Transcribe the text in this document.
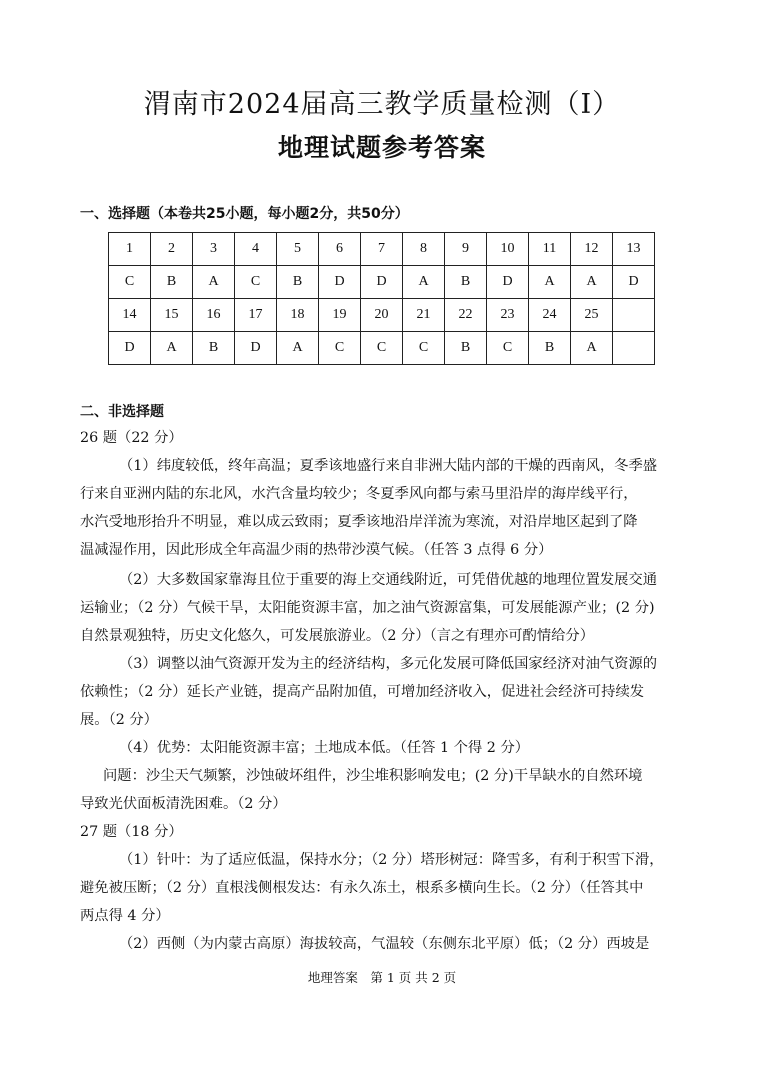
渭南市2024届高三教学质量检测（Ⅰ）
地理试题参考答案
一、选择题（本卷共25小题，每小题2分，共50分）
1	2	3	4	5	6	7	8	9	10	11	12	13
C	B	A	C	B	D	D	A	B	D	A	A	D
14	15	16	17	18	19	20	21	22	23	24	25	
D	A	B	D	A	C	C	C	B	C	B	A	
二、非选择题
26 题（22 分）
（1）纬度较低，终年高温；夏季该地盛行来自非洲大陆内部的干燥的西南风，冬季盛
行来自亚洲内陆的东北风，水汽含量均较少；冬夏季风向都与索马里沿岸的海岸线平行，
水汽受地形抬升不明显，难以成云致雨；夏季该地沿岸洋流为寒流，对沿岸地区起到了降
温减湿作用，因此形成全年高温少雨的热带沙漠气候。（任答 3 点得 6 分）
（2）大多数国家靠海且位于重要的海上交通线附近，可凭借优越的地理位置发展交通
运输业；（2 分）气候干旱，太阳能资源丰富，加之油气资源富集，可发展能源产业；(2 分)
自然景观独特，历史文化悠久，可发展旅游业。（2 分）（言之有理亦可酌情给分）
（3）调整以油气资源开发为主的经济结构，多元化发展可降低国家经济对油气资源的
依赖性；（2 分）延长产业链，提高产品附加值，可增加经济收入，促进社会经济可持续发
展。（2 分）
（4）优势：太阳能资源丰富；土地成本低。（任答 1 个得 2 分）
问题：沙尘天气频繁，沙蚀破坏组件，沙尘堆积影响发电；(2 分)干旱缺水的自然环境
导致光伏面板清洗困难。（2 分）
27 题（18 分）
（1）针叶：为了适应低温，保持水分；（2 分）塔形树冠：降雪多，有利于积雪下滑，
避免被压断；（2 分）直根浅侧根发达：有永久冻土，根系多横向生长。（2 分）（任答其中
两点得 4 分）
（2）西侧（为内蒙古高原）海拔较高，气温较（东侧东北平原）低；（2 分）西坡是
地理答案　第 1 页 共 2 页
